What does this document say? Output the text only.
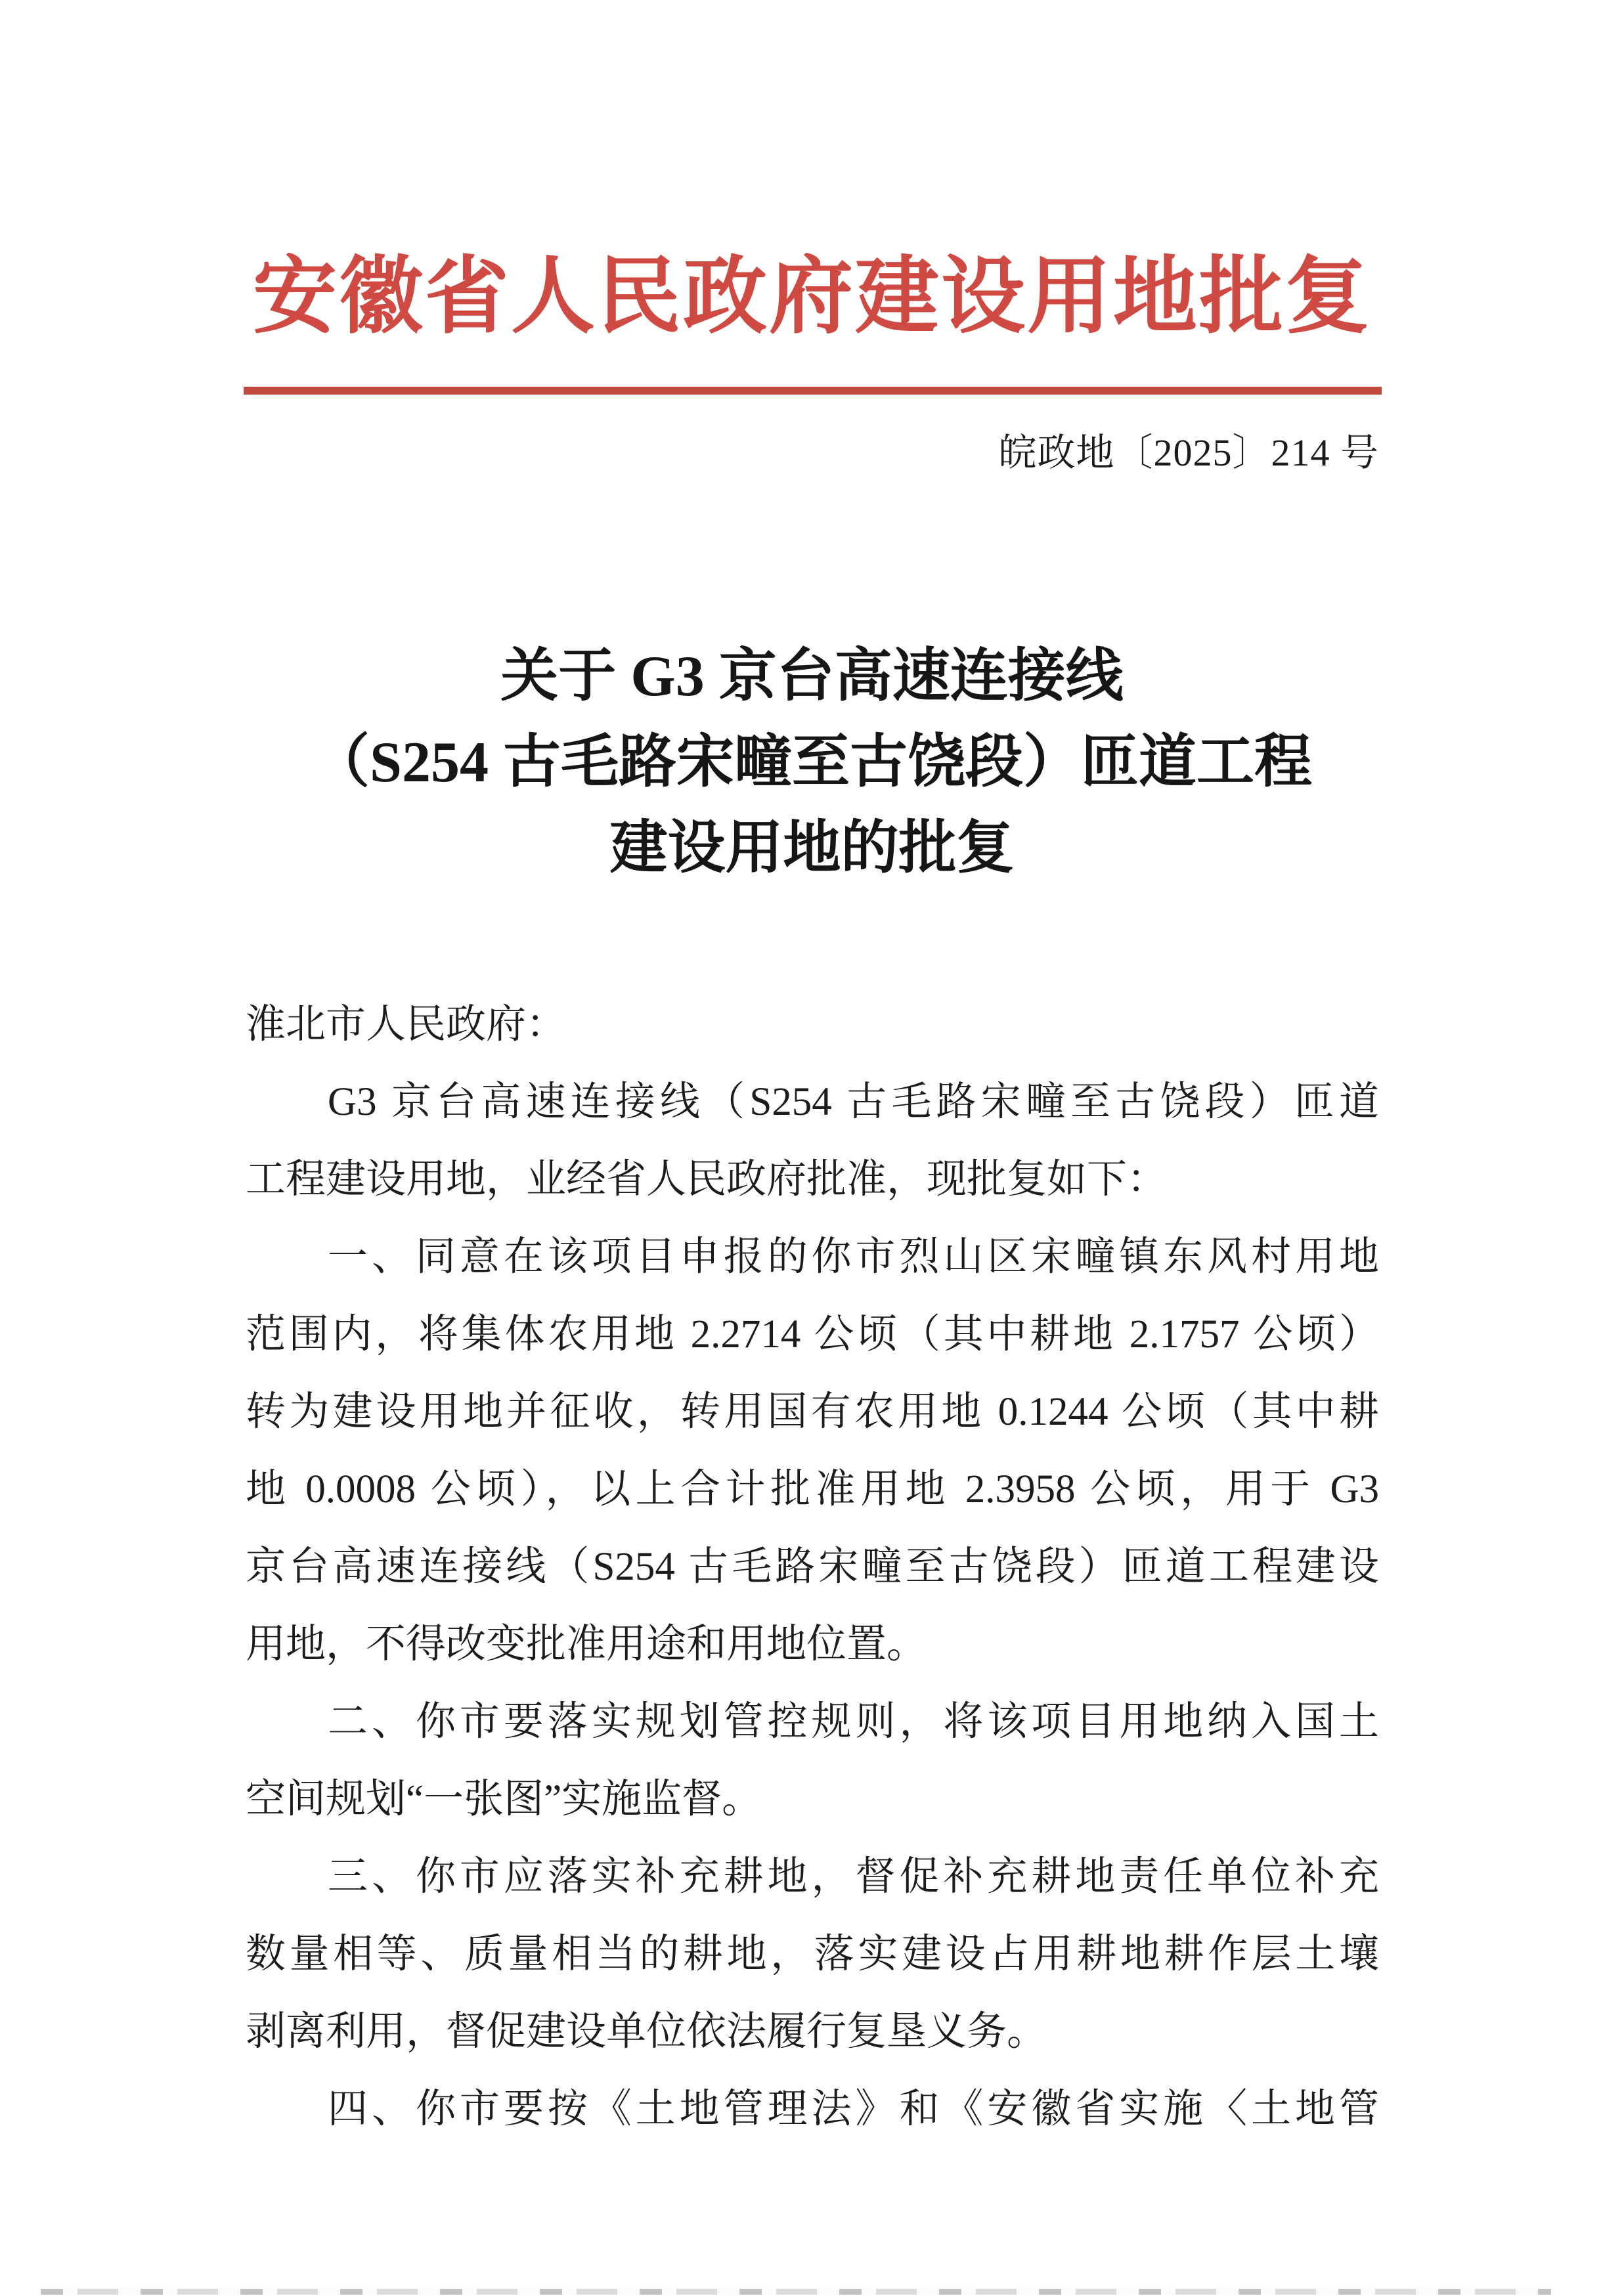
安徽省人民政府建设用地批复
皖政地〔2025〕214 号
关于 G3 京台高速连接线
（S254 古毛路宋疃至古饶段）匝道工程
建设用地的批复
淮北市人民政府：
G3 京台高速连接线（S254 古毛路宋疃至古饶段）匝道
工程建设用地，业经省人民政府批准，现批复如下：
一、同意在该项目申报的你市烈山区宋疃镇东风村用地
范围内，将集体农用地 2.2714 公顷（其中耕地 2.1757 公顷）
转为建设用地并征收，转用国有农用地 0.1244 公顷（其中耕
地 0.0008 公顷），以上合计批准用地 2.3958 公顷，用于 G3
京台高速连接线（S254 古毛路宋疃至古饶段）匝道工程建设
用地，不得改变批准用途和用地位置。
二、你市要落实规划管控规则，将该项目用地纳入国土
空间规划“一张图”实施监督。
三、你市应落实补充耕地，督促补充耕地责任单位补充
数量相等、质量相当的耕地，落实建设占用耕地耕作层土壤
剥离利用，督促建设单位依法履行复垦义务。
四、你市要按《土地管理法》和《安徽省实施〈土地管
